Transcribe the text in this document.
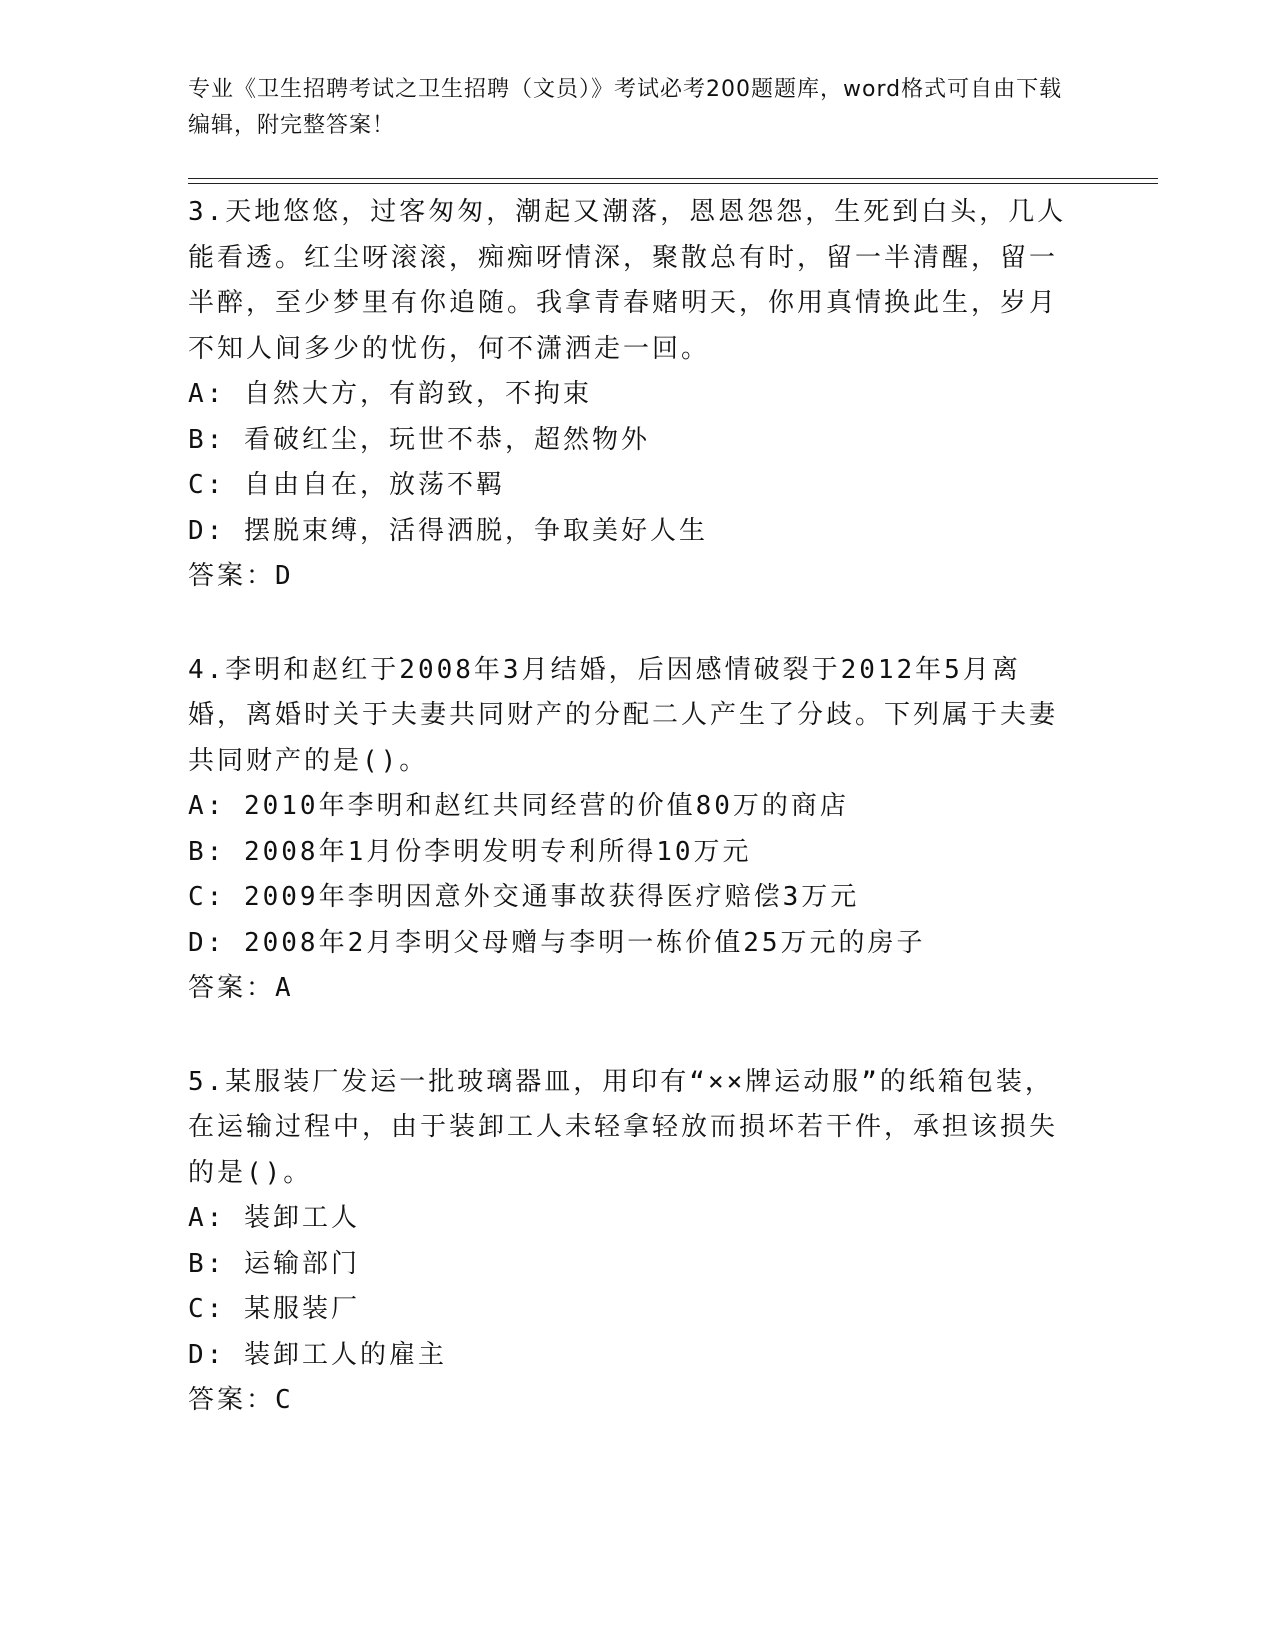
专业《卫生招聘考试之卫生招聘（文员）》考试必考200题题库，word格式可自由下载编辑，附完整答案！
3.天地悠悠，过客匆匆，潮起又潮落，恩恩怨怨，生死到白头，几人能看透。红尘呀滚滚，痴痴呀情深，聚散总有时，留一半清醒，留一半醉，至少梦里有你追随。我拿青春赌明天，你用真情换此生，岁月不知人间多少的忧伤，何不潇洒走一回。
A: 自然大方，有韵致，不拘束
B: 看破红尘，玩世不恭，超然物外
C: 自由自在，放荡不羁
D: 摆脱束缚，活得洒脱，争取美好人生
答案：D
4.李明和赵红于2008年3月结婚，后因感情破裂于2012年5月离婚，离婚时关于夫妻共同财产的分配二人产生了分歧。下列属于夫妻共同财产的是()。
A: 2010年李明和赵红共同经营的价值80万的商店
B: 2008年1月份李明发明专利所得10万元
C: 2009年李明因意外交通事故获得医疗赔偿3万元
D: 2008年2月李明父母赠与李明一栋价值25万元的房子
答案：A
5.某服装厂发运一批玻璃器皿，用印有“××牌运动服”的纸箱包装，在运输过程中，由于装卸工人未轻拿轻放而损坏若干件，承担该损失的是()。
A: 装卸工人
B: 运输部门
C: 某服装厂
D: 装卸工人的雇主
答案：C
